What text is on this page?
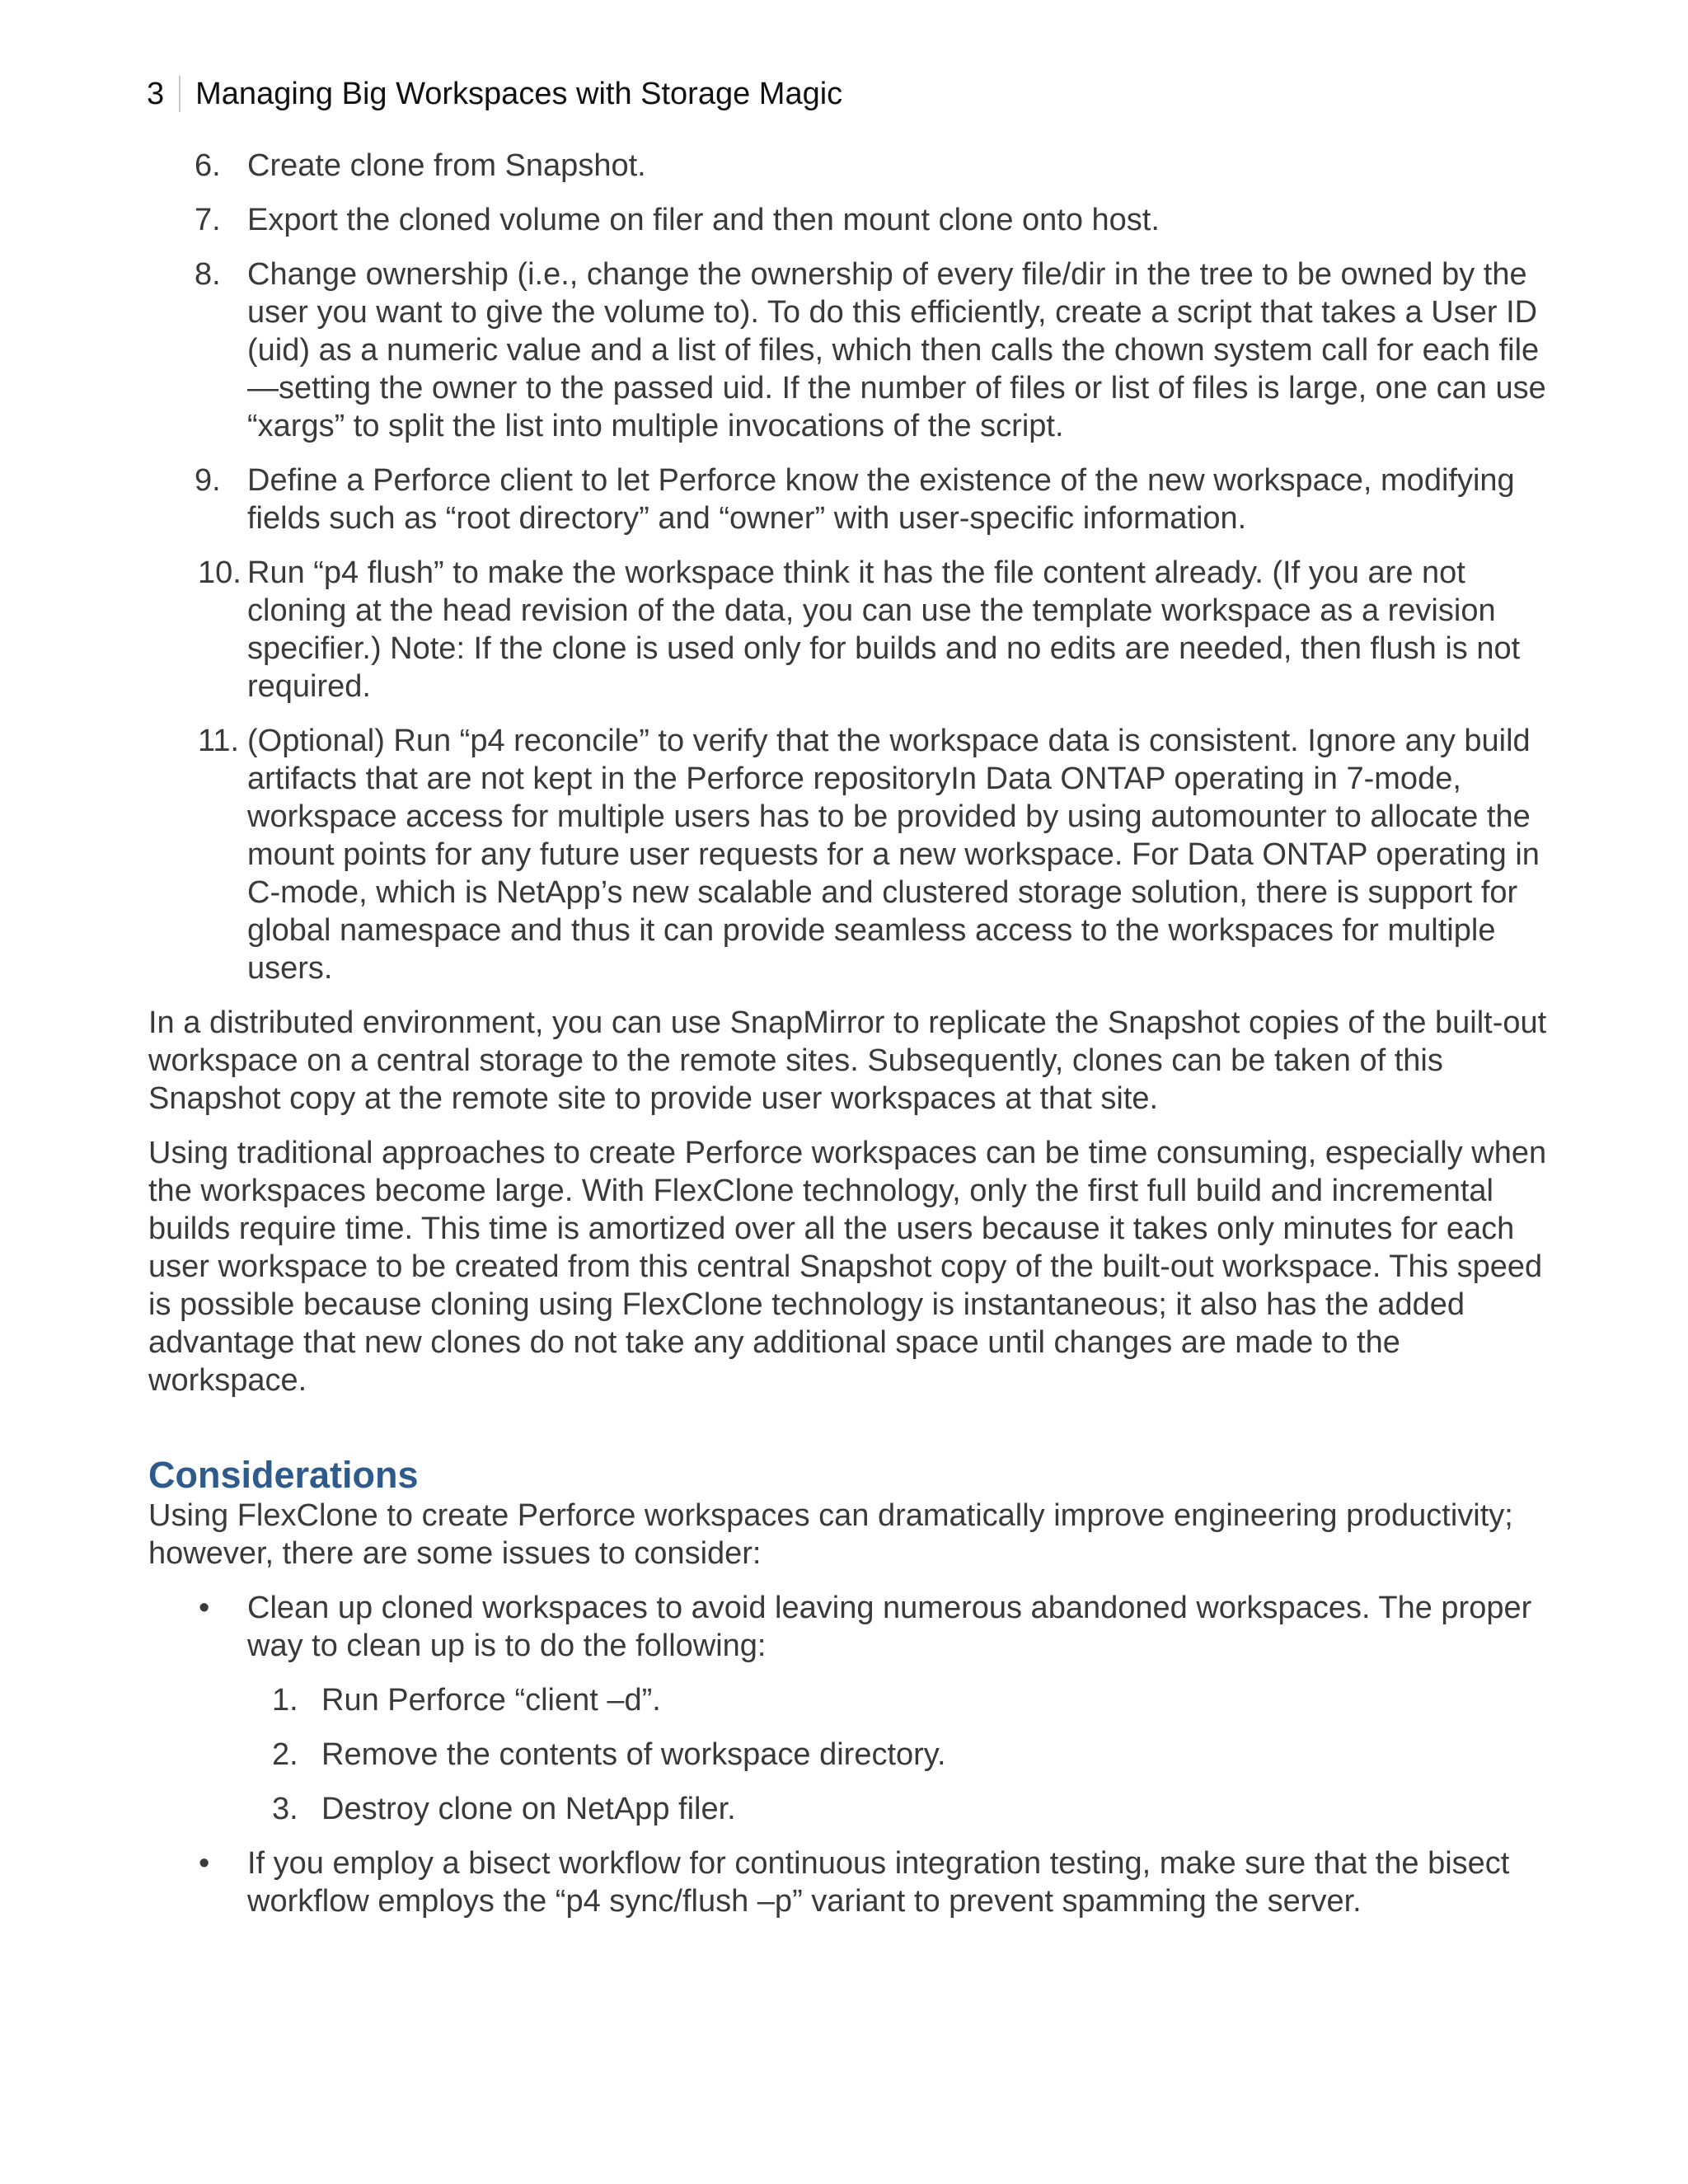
3	Managing Big Workspaces with Storage Magic
6. Create clone from Snapshot.
7. Export the cloned volume on filer and then mount clone onto host.
8. Change ownership (i.e., change the ownership of every file/dir in the tree to be owned by the user you want to give the volume to). To do this efficiently, create a script that takes a User ID (uid) as a numeric value and a list of files, which then calls the chown system call for each file—setting the owner to the passed uid. If the number of files or list of files is large, one can use “xargs” to split the list into multiple invocations of the script.
9. Define a Perforce client to let Perforce know the existence of the new workspace, modifying fields such as “root directory” and “owner” with user-specific information.
10. Run “p4 flush” to make the workspace think it has the file content already. (If you are not cloning at the head revision of the data, you can use the template workspace as a revision specifier.) Note: If the clone is used only for builds and no edits are needed, then flush is not required.
11. (Optional) Run “p4 reconcile” to verify that the workspace data is consistent. Ignore any build artifacts that are not kept in the Perforce repositoryIn Data ONTAP operating in 7-mode, workspace access for multiple users has to be provided by using automounter to allocate the mount points for any future user requests for a new workspace. For Data ONTAP operating in C-mode, which is NetApp’s new scalable and clustered storage solution, there is support for global namespace and thus it can provide seamless access to the workspaces for multiple users.

In a distributed environment, you can use SnapMirror to replicate the Snapshot copies of the built-out workspace on a central storage to the remote sites. Subsequently, clones can be taken of this Snapshot copy at the remote site to provide user workspaces at that site.

Using traditional approaches to create Perforce workspaces can be time consuming, especially when the workspaces become large. With FlexClone technology, only the first full build and incremental builds require time. This time is amortized over all the users because it takes only minutes for each user workspace to be created from this central Snapshot copy of the built-out workspace. This speed is possible because cloning using FlexClone technology is instantaneous; it also has the added advantage that new clones do not take any additional space until changes are made to the workspace.

Considerations

Using FlexClone to create Perforce workspaces can dramatically improve engineering productivity; however, there are some issues to consider:

• Clean up cloned workspaces to avoid leaving numerous abandoned workspaces. The proper way to clean up is to do the following:
1. Run Perforce “client –d”.
2. Remove the contents of workspace directory.
3. Destroy clone on NetApp filer.
• If you employ a bisect workflow for continuous integration testing, make sure that the bisect workflow employs the “p4 sync/flush –p” variant to prevent spamming the server.
